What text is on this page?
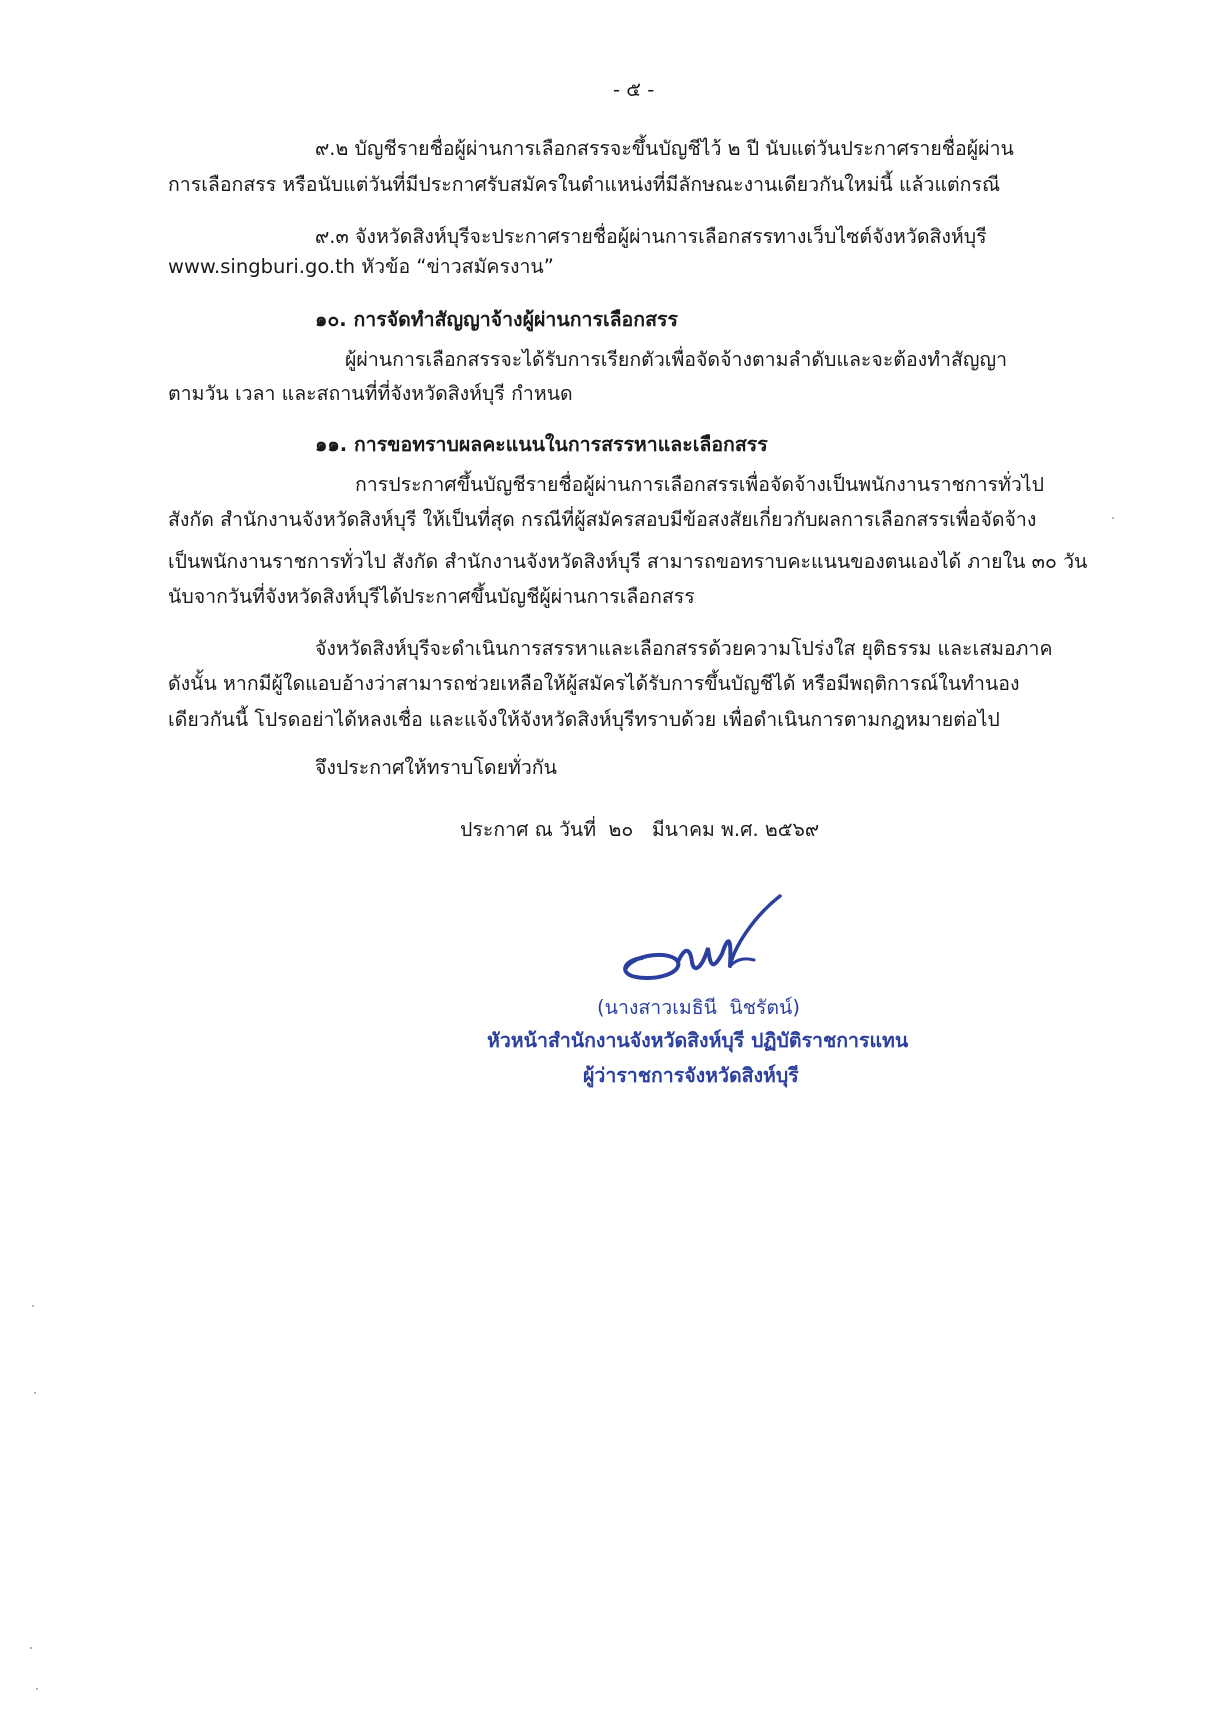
- ๕ -
๙.๒ บัญชีรายชื่อผู้ผ่านการเลือกสรรจะขึ้นบัญชีไว้ ๒ ปี นับแต่วันประกาศรายชื่อผู้ผ่าน
การเลือกสรร หรือนับแต่วันที่มีประกาศรับสมัครในตำแหน่งที่มีลักษณะงานเดียวกันใหม่นี้ แล้วแต่กรณี
๙.๓ จังหวัดสิงห์บุรีจะประกาศรายชื่อผู้ผ่านการเลือกสรรทางเว็บไซต์จังหวัดสิงห์บุรี
www.singburi.go.th หัวข้อ “ข่าวสมัครงาน”
๑๐. การจัดทำสัญญาจ้างผู้ผ่านการเลือกสรร
ผู้ผ่านการเลือกสรรจะได้รับการเรียกตัวเพื่อจัดจ้างตามลำดับและจะต้องทำสัญญา
ตามวัน เวลา และสถานที่ที่จังหวัดสิงห์บุรี กำหนด
๑๑. การขอทราบผลคะแนนในการสรรหาและเลือกสรร
การประกาศขึ้นบัญชีรายชื่อผู้ผ่านการเลือกสรรเพื่อจัดจ้างเป็นพนักงานราชการทั่วไป
สังกัด สำนักงานจังหวัดสิงห์บุรี ให้เป็นที่สุด กรณีที่ผู้สมัครสอบมีข้อสงสัยเกี่ยวกับผลการเลือกสรรเพื่อจัดจ้าง
เป็นพนักงานราชการทั่วไป สังกัด สำนักงานจังหวัดสิงห์บุรี สามารถขอทราบคะแนนของตนเองได้ ภายใน ๓๐ วัน
นับจากวันที่จังหวัดสิงห์บุรีได้ประกาศขึ้นบัญชีผู้ผ่านการเลือกสรร
จังหวัดสิงห์บุรีจะดำเนินการสรรหาและเลือกสรรด้วยความโปร่งใส ยุติธรรม และเสมอภาค
ดังนั้น หากมีผู้ใดแอบอ้างว่าสามารถช่วยเหลือให้ผู้สมัครได้รับการขึ้นบัญชีได้ หรือมีพฤติการณ์ในทำนอง
เดียวกันนี้ โปรดอย่าได้หลงเชื่อ และแจ้งให้จังหวัดสิงห์บุรีทราบด้วย เพื่อดำเนินการตามกฎหมายต่อไป
จึงประกาศให้ทราบโดยทั่วกัน
ประกาศ ณ วันที่  ๒๐   มีนาคม พ.ศ. ๒๕๖๙
(นางสาวเมธินี  นิชรัตน์)
หัวหน้าสำนักงานจังหวัดสิงห์บุรี ปฏิบัติราชการแทน
ผู้ว่าราชการจังหวัดสิงห์บุรี
